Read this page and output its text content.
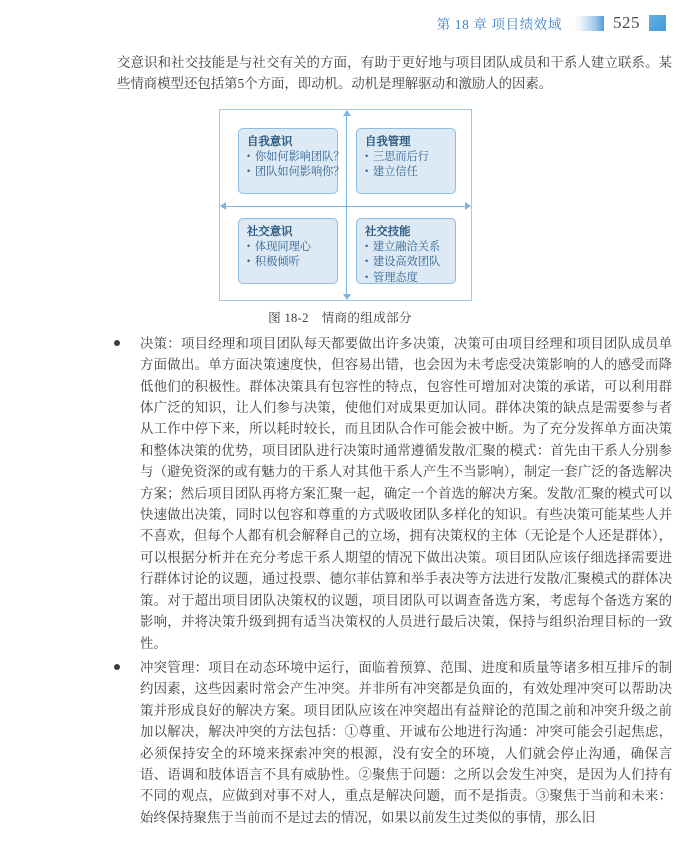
第 18 章 项目绩效域	525

交意识和社交技能是与社交有关的方面，有助于更好地与项目团队成员和干系人建立联系。某些情商模型还包括第5个方面，即动机。动机是理解驱动和激励人的因素。

自我意识
• 你如何影响团队？
• 团队如何影响你？
自我管理
• 三思而后行
• 建立信任
社交意识
• 体现同理心
• 积极倾听
社交技能
• 建立融洽关系
• 建设高效团队
• 管理态度
图 18-2　情商的组成部分
决策：项目经理和项目团队每天都要做出许多决策，决策可由项目经理和项目团队成员单方面做出。单方面决策速度快，但容易出错，也会因为未考虑受决策影响的人的感受而降低他们的积极性。群体决策具有包容性的特点，包容性可增加对决策的承诺，可以利用群体广泛的知识，让人们参与决策，使他们对成果更加认同。群体决策的缺点是需要参与者从工作中停下来，所以耗时较长，而且团队合作可能会被中断。为了充分发挥单方面决策和整体决策的优势，项目团队进行决策时通常遵循发散/汇聚的模式：首先由干系人分别参与（避免资深的或有魅力的干系人对其他干系人产生不当影响），制定一套广泛的备选解决方案；然后项目团队再将方案汇聚一起，确定一个首选的解决方案。发散/汇聚的模式可以快速做出决策，同时以包容和尊重的方式吸收团队多样化的知识。有些决策可能某些人并不喜欢，但每个人都有机会解释自己的立场，拥有决策权的主体（无论是个人还是群体），可以根据分析并在充分考虑干系人期望的情况下做出决策。项目团队应该仔细选择需要进行群体讨论的议题，通过投票、德尔菲估算和举手表决等方法进行发散/汇聚模式的群体决策。对于超出项目团队决策权的议题，项目团队可以调查备选方案，考虑每个备选方案的影响，并将决策升级到拥有适当决策权的人员进行最后决策，保持与组织治理目标的一致性。
冲突管理：项目在动态环境中运行，面临着预算、范围、进度和质量等诸多相互排斥的制约因素，这些因素时常会产生冲突。并非所有冲突都是负面的，有效处理冲突可以帮助决策并形成良好的解决方案。项目团队应该在冲突超出有益辩论的范围之前和冲突升级之前加以解决，解决冲突的方法包括：①尊重、开诚布公地进行沟通：冲突可能会引起焦虑，必须保持安全的环境来探索冲突的根源，没有安全的环境，人们就会停止沟通，确保言语、语调和肢体语言不具有威胁性。②聚焦于问题：之所以会发生冲突，是因为人们持有不同的观点，应做到对事不对人，重点是解决问题，而不是指责。③聚焦于当前和未来：始终保持聚焦于当前而不是过去的情况，如果以前发生过类似的事情，那么旧
